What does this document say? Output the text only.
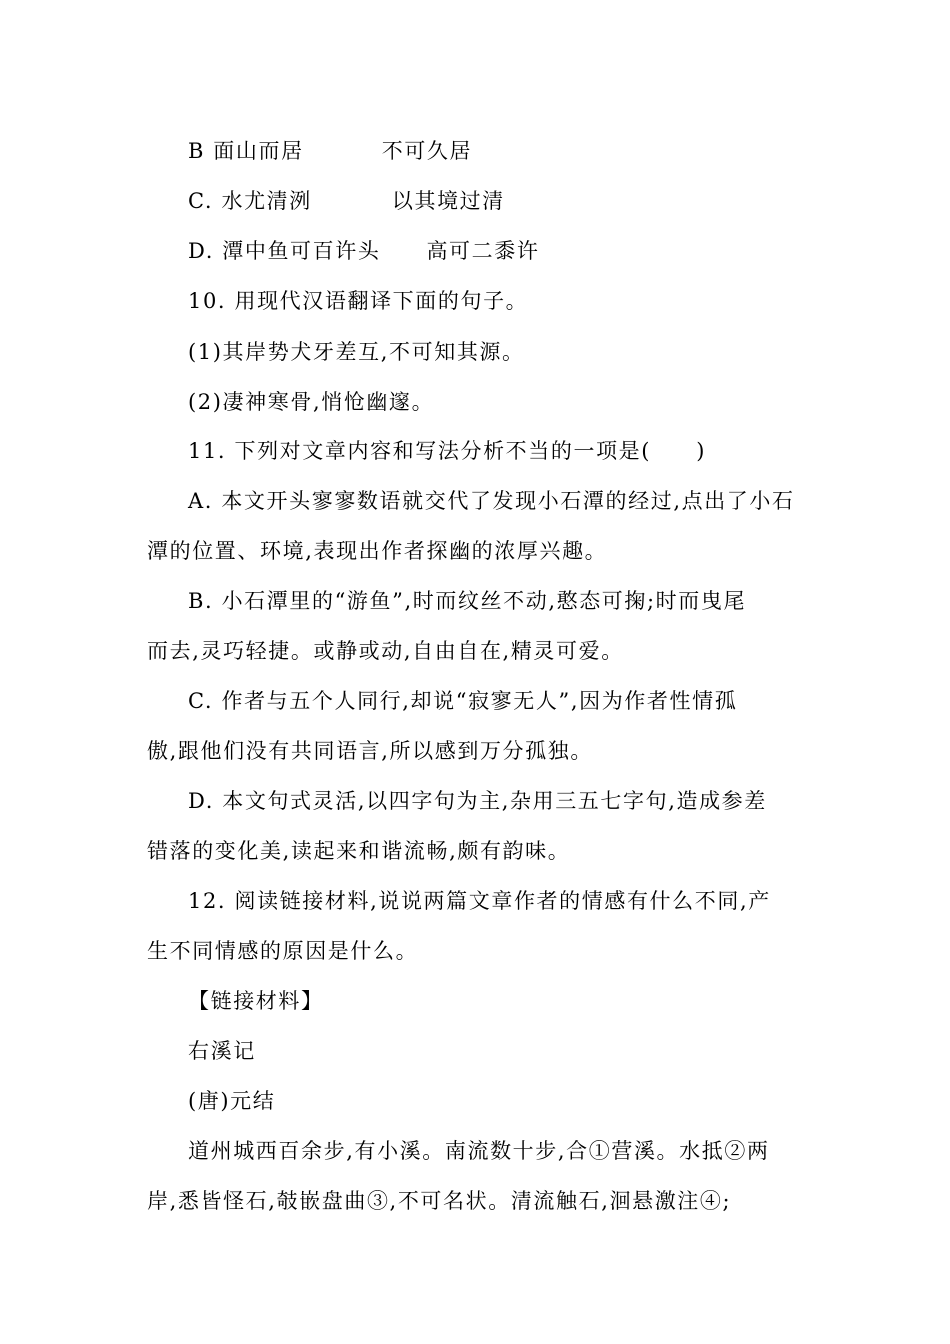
B 面山而居	不可久居
C. 水尤清洌	以其境过清
D. 潭中鱼可百许头 高可二黍许
10. 用现代汉语翻译下面的句子。
(1)其岸势犬牙差互,不可知其源。
(2)凄神寒骨,悄怆幽邃。
11. 下列对文章内容和写法分析不当的一项是(　　)
A. 本文开头寥寥数语就交代了发现小石潭的经过,点出了小石
潭的位置、环境,表现出作者探幽的浓厚兴趣。
B. 小石潭里的“游鱼”,时而纹丝不动,憨态可掬;时而曳尾
而去,灵巧轻捷。或静或动,自由自在,精灵可爱。
C. 作者与五个人同行,却说“寂寥无人”,因为作者性情孤
傲,跟他们没有共同语言,所以感到万分孤独。
D. 本文句式灵活,以四字句为主,杂用三五七字句,造成参差
错落的变化美,读起来和谐流畅,颇有韵味。
12. 阅读链接材料,说说两篇文章作者的情感有什么不同,产
生不同情感的原因是什么。
【链接材料】
右溪记
(唐)元结
道州城西百余步,有小溪。南流数十步,合①营溪。水抵②两
岸,悉皆怪石,攲嵌盘曲③,不可名状。清流触石,洄悬激注④;
